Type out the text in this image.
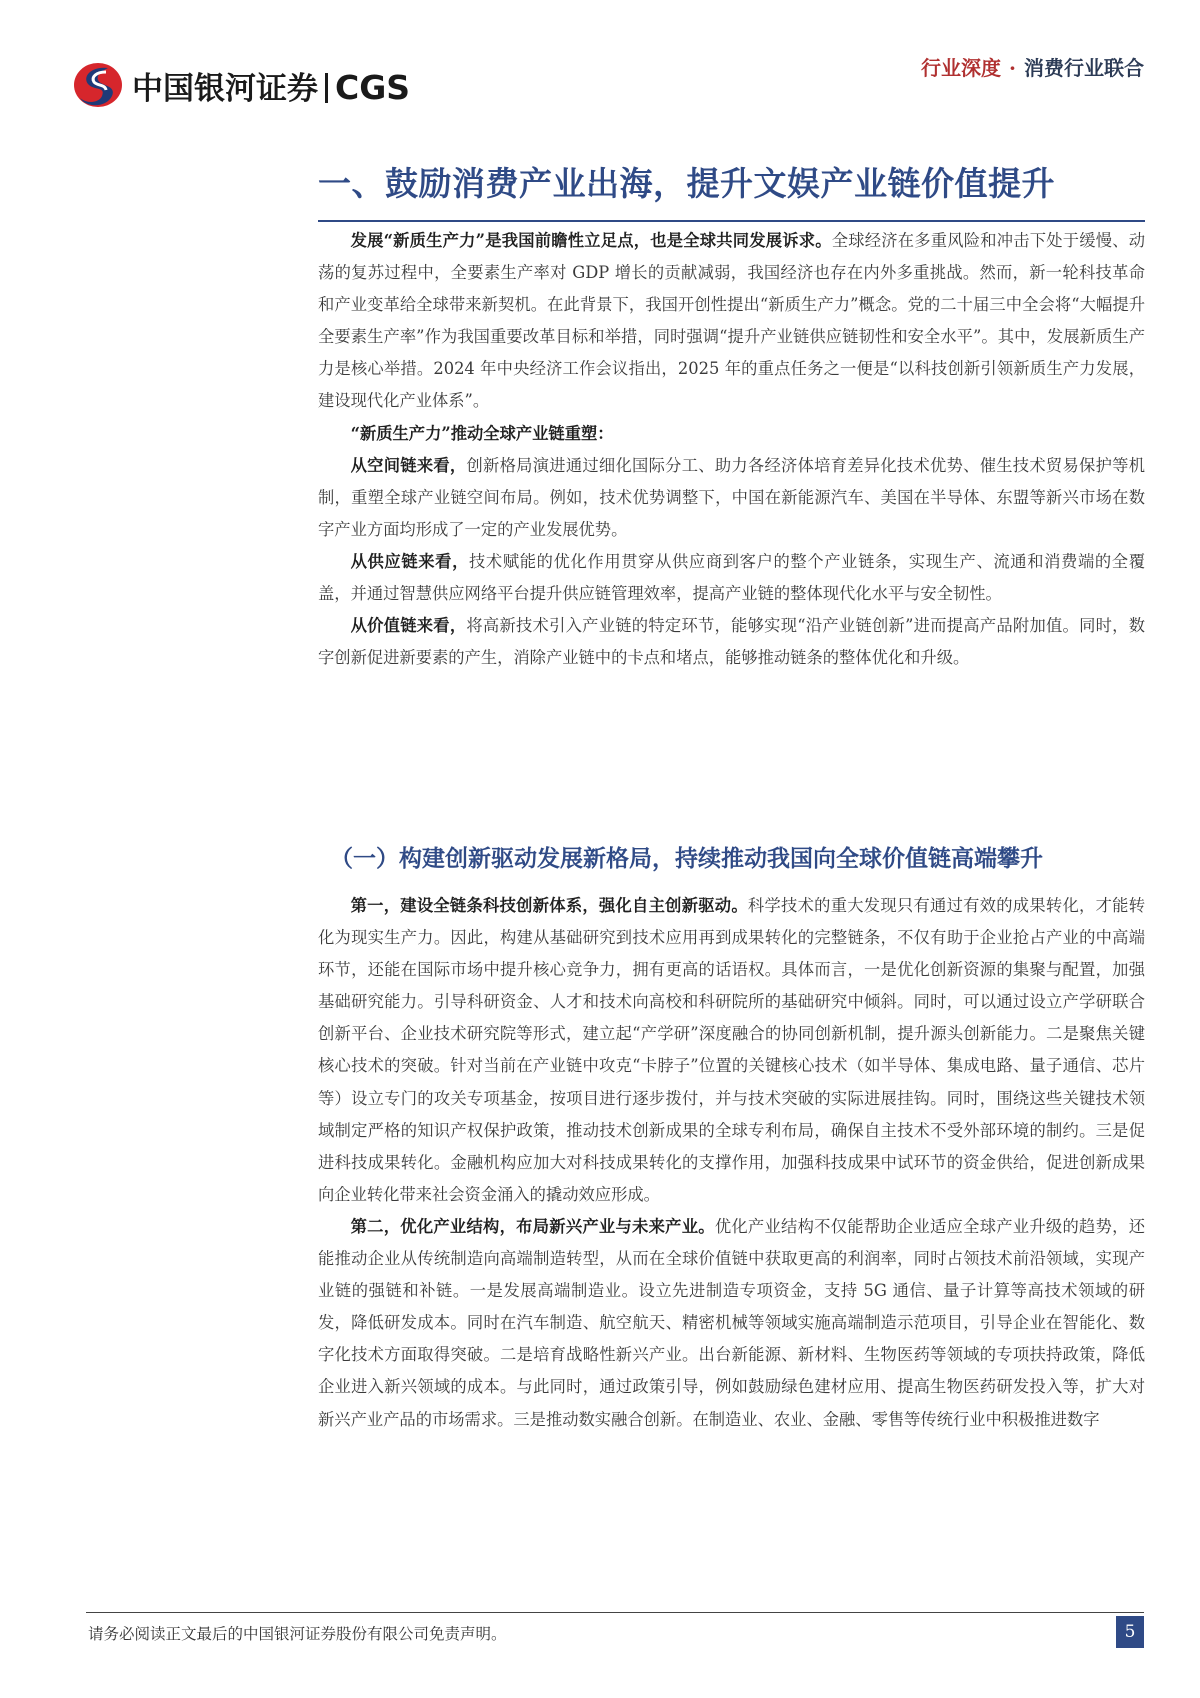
中国银河证券 CGS	行业深度 · 消费行业联合
一、鼓励消费产业出海，提升文娱产业链价值提升

发展“新质生产力”是我国前瞻性立足点，也是全球共同发展诉求。全球经济在多重风险和冲击下处于缓慢、动荡的复苏过程中，全要素生产率对 GDP 增长的贡献减弱，我国经济也存在内外多重挑战。然而，新一轮科技革命和产业变革给全球带来新契机。在此背景下，我国开创性提出“新质生产力”概念。党的二十届三中全会将“大幅提升全要素生产率”作为我国重要改革目标和举措，同时强调“提升产业链供应链韧性和安全水平”。其中，发展新质生产力是核心举措。2024 年中央经济工作会议指出，2025 年的重点任务之一便是“以科技创新引领新质生产力发展，建设现代化产业体系”。

“新质生产力”推动全球产业链重塑：

从空间链来看，创新格局演进通过细化国际分工、助力各经济体培育差异化技术优势、催生技术贸易保护等机制，重塑全球产业链空间布局。例如，技术优势调整下，中国在新能源汽车、美国在半导体、东盟等新兴市场在数字产业方面均形成了一定的产业发展优势。

从供应链来看，技术赋能的优化作用贯穿从供应商到客户的整个产业链条，实现生产、流通和消费端的全覆盖，并通过智慧供应网络平台提升供应链管理效率，提高产业链的整体现代化水平与安全韧性。

从价值链来看，将高新技术引入产业链的特定环节，能够实现“沿产业链创新”进而提高产品附加值。同时，数字创新促进新要素的产生，消除产业链中的卡点和堵点，能够推动链条的整体优化和升级。

（一）构建创新驱动发展新格局，持续推动我国向全球价值链高端攀升

第一，建设全链条科技创新体系，强化自主创新驱动。科学技术的重大发现只有通过有效的成果转化，才能转化为现实生产力。因此，构建从基础研究到技术应用再到成果转化的完整链条，不仅有助于企业抢占产业的中高端环节，还能在国际市场中提升核心竞争力，拥有更高的话语权。具体而言，一是优化创新资源的集聚与配置，加强基础研究能力。引导科研资金、人才和技术向高校和科研院所的基础研究中倾斜。同时，可以通过设立产学研联合创新平台、企业技术研究院等形式，建立起“产学研”深度融合的协同创新机制，提升源头创新能力。二是聚焦关键核心技术的突破。针对当前在产业链中攻克“卡脖子”位置的关键核心技术（如半导体、集成电路、量子通信、芯片等）设立专门的攻关专项基金，按项目进行逐步拨付，并与技术突破的实际进展挂钩。同时，围绕这些关键技术领域制定严格的知识产权保护政策，推动技术创新成果的全球专利布局，确保自主技术不受外部环境的制约。三是促进科技成果转化。金融机构应加大对科技成果转化的支撑作用，加强科技成果中试环节的资金供给，促进创新成果向企业转化带来社会资金涌入的撬动效应形成。

第二，优化产业结构，布局新兴产业与未来产业。优化产业结构不仅能帮助企业适应全球产业升级的趋势，还能推动企业从传统制造向高端制造转型，从而在全球价值链中获取更高的利润率，同时占领技术前沿领域，实现产业链的强链和补链。一是发展高端制造业。设立先进制造专项资金，支持 5G 通信、量子计算等高技术领域的研发，降低研发成本。同时在汽车制造、航空航天、精密机械等领域实施高端制造示范项目，引导企业在智能化、数字化技术方面取得突破。二是培育战略性新兴产业。出台新能源、新材料、生物医药等领域的专项扶持政策，降低企业进入新兴领域的成本。与此同时，通过政策引导，例如鼓励绿色建材应用、提高生物医药研发投入等，扩大对新兴产业产品的市场需求。三是推动数实融合创新。在制造业、农业、金融、零售等传统行业中积极推进数字

请务必阅读正文最后的中国银河证券股份有限公司免责声明。	5
